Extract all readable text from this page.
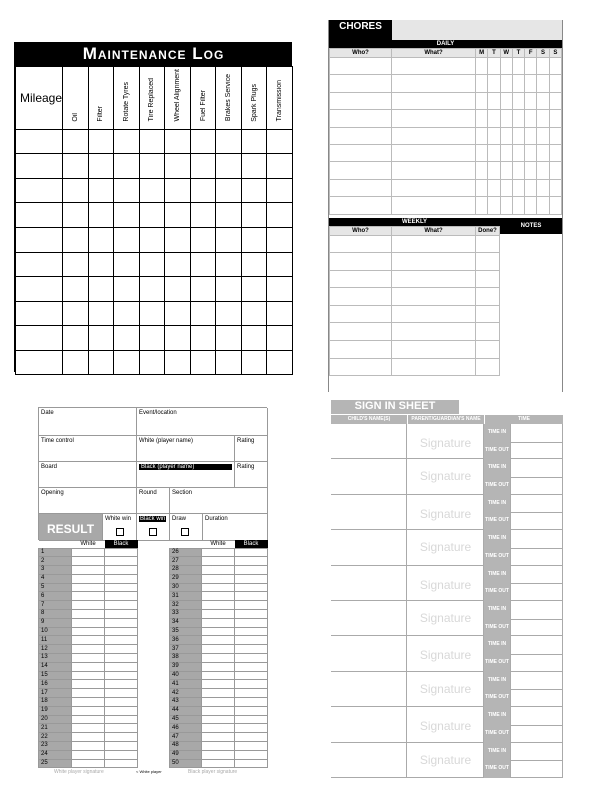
Maintenance Log
Mileage	Oil	Filter	Rotate Tyres	Tire Replaced	Wheel Alignment	Fuel Filter	Brakes Service	Spark Plugs	Transmission

CHORES
DAILY
Who?	What?	M	T	W	T	F	S	S

WEEKLY
Who?	What?	Done?

NOTES
Date	Event/location
Time control	White (player name)	Rating
Board	Black (player name)	Rating
Opening	Round	Section
RESULT
White win	Black win	Draw	Duration
	White	Black
1		
2		
3		
4		
5		
6		
7		
8		
9		
10		
11		
12		
13		
14		
15		
16		
17		
18		
19		
20		
21		
22		
23		
24		
25		
	White	Black
26		
27		
28		
29		
30		
31		
32		
33		
34		
35		
36		
37		
38		
39		
40		
41		
42		
43		
44		
45		
46		
47		
48		
49		
50		
White player signature	< White player	Black player signature
SIGN IN SHEET
CHILD'S NAME(S)	PARENT/GUARDIAN'S NAME	TIME
Signature
TIME IN
TIME OUT
Signature
TIME IN
TIME OUT
Signature
TIME IN
TIME OUT
Signature
TIME IN
TIME OUT
Signature
TIME IN
TIME OUT
Signature
TIME IN
TIME OUT
Signature
TIME IN
TIME OUT
Signature
TIME IN
TIME OUT
Signature
TIME IN
TIME OUT
Signature
TIME IN
TIME OUT
